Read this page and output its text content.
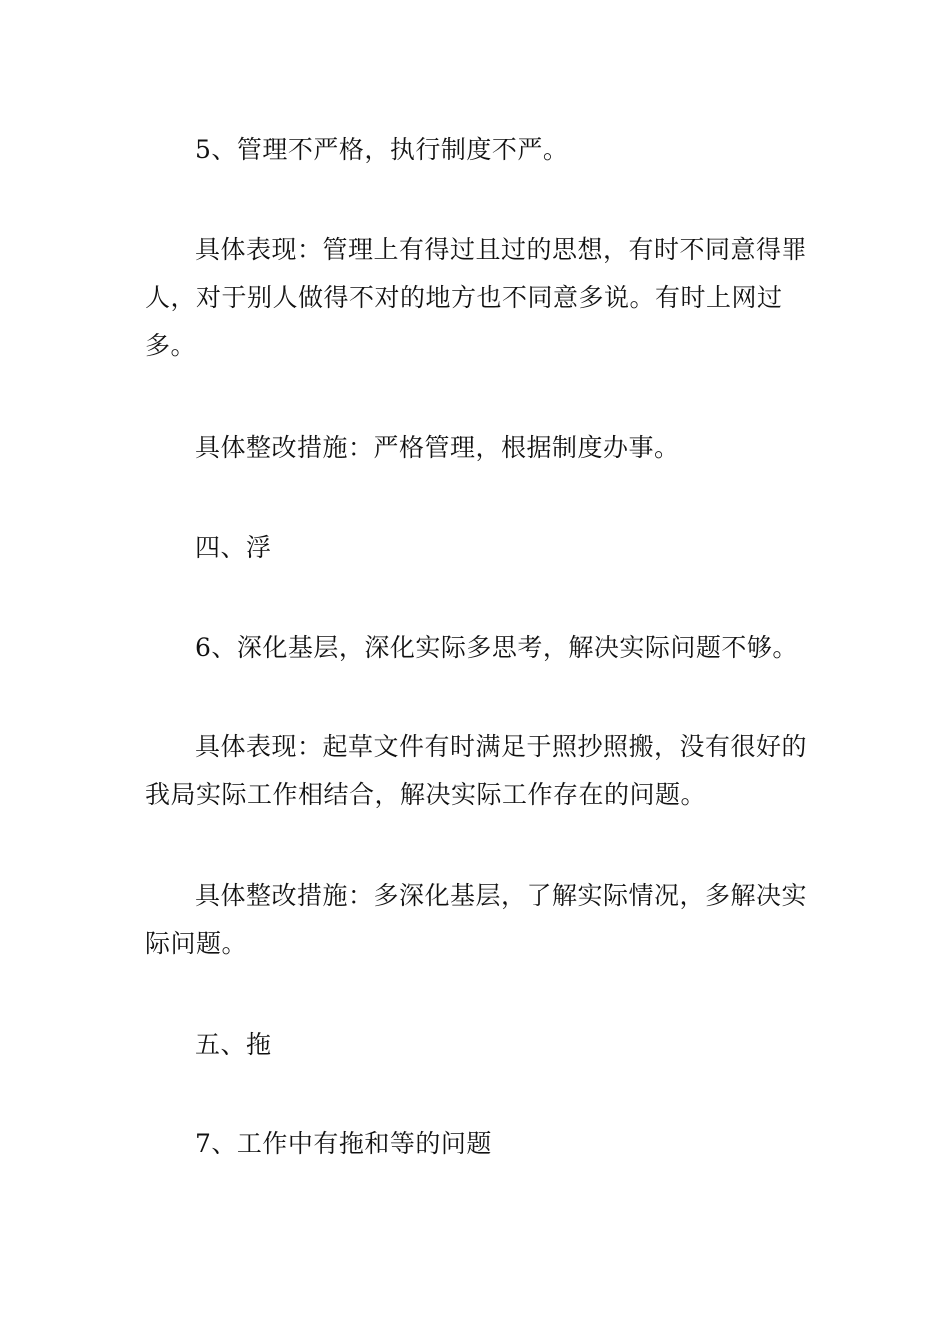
5、管理不严格，执行制度不严。

具体表现：管理上有得过且过的思想，有时不同意得罪人，对于别人做得不对的地方也不同意多说。有时上网过多。

具体整改措施：严格管理，根据制度办事。

四、浮

6、深化基层，深化实际多思考，解决实际问题不够。

具体表现：起草文件有时满足于照抄照搬，没有很好的我局实际工作相结合，解决实际工作存在的问题。

具体整改措施：多深化基层，了解实际情况，多解决实际问题。

五、拖

7、工作中有拖和等的问题
